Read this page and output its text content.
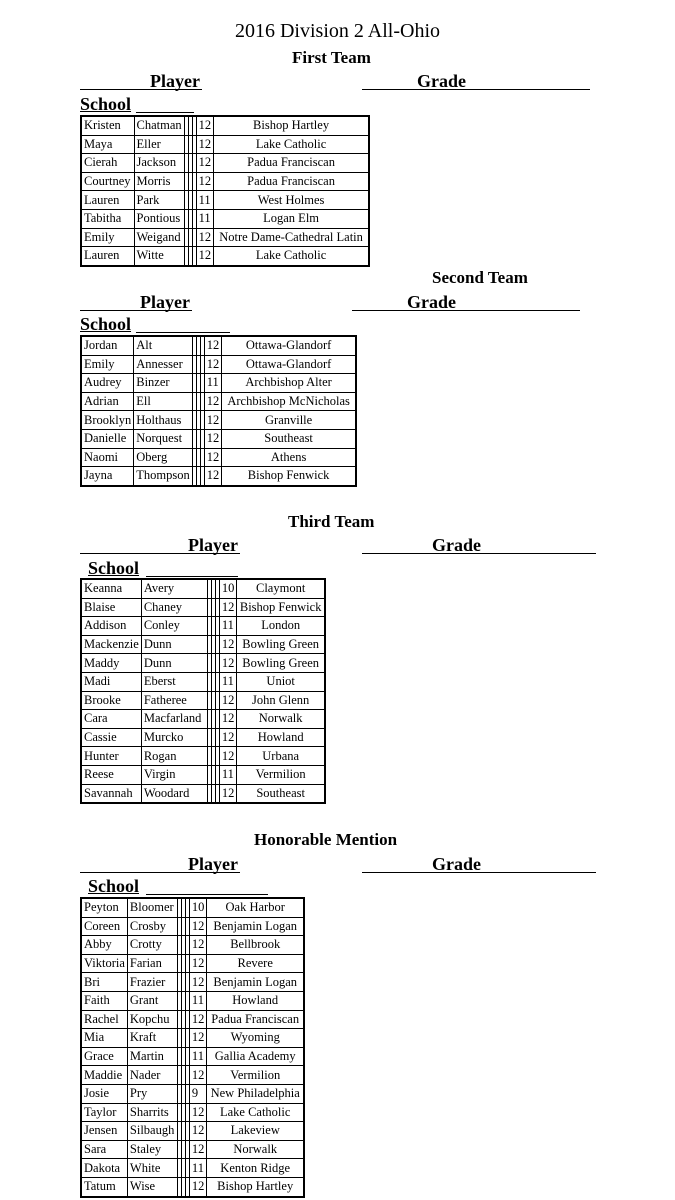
2016 Division 2 All-Ohio
First Team
Player	Grade
School
Kristen	Chatman				12	Bishop Hartley
Maya	Eller				12	Lake Catholic
Cierah	Jackson				12	Padua Franciscan
Courtney	Morris				12	Padua Franciscan
Lauren	Park				11	West Holmes
Tabitha	Pontious				11	Logan Elm
Emily	Weigand				12	Notre Dame-Cathedral Latin
Lauren	Witte				12	Lake Catholic
Second Team
Player	Grade
School
Jordan	Alt				12	Ottawa-Glandorf
Emily	Annesser				12	Ottawa-Glandorf
Audrey	Binzer				11	Archbishop Alter
Adrian	Ell				12	Archbishop McNicholas
Brooklyn	Holthaus				12	Granville
Danielle	Norquest				12	Southeast
Naomi	Oberg				12	Athens
Jayna	Thompson				12	Bishop Fenwick
Third Team
Player	Grade
School
Keanna	Avery				10	Claymont
Blaise	Chaney				12	Bishop Fenwick
Addison	Conley				11	London
Mackenzie	Dunn				12	Bowling Green
Maddy	Dunn				12	Bowling Green
Madi	Eberst				11	Uniot
Brooke	Fatheree				12	John Glenn
Cara	Macfarland				12	Norwalk
Cassie	Murcko				12	Howland
Hunter	Rogan				12	Urbana
Reese	Virgin				11	Vermilion
Savannah	Woodard				12	Southeast
Honorable Mention
Player	Grade
School
Peyton	Bloomer				10	Oak Harbor
Coreen	Crosby				12	Benjamin Logan
Abby	Crotty				12	Bellbrook
Viktoria	Farian				12	Revere
Bri	Frazier				12	Benjamin Logan
Faith	Grant				11	Howland
Rachel	Kopchu				12	Padua Franciscan
Mia	Kraft				12	Wyoming
Grace	Martin				11	Gallia Academy
Maddie	Nader				12	Vermilion
Josie	Pry				9	New Philadelphia
Taylor	Sharrits				12	Lake Catholic
Jensen	Silbaugh				12	Lakeview
Sara	Staley				12	Norwalk
Dakota	White				11	Kenton Ridge
Tatum	Wise				12	Bishop Hartley
